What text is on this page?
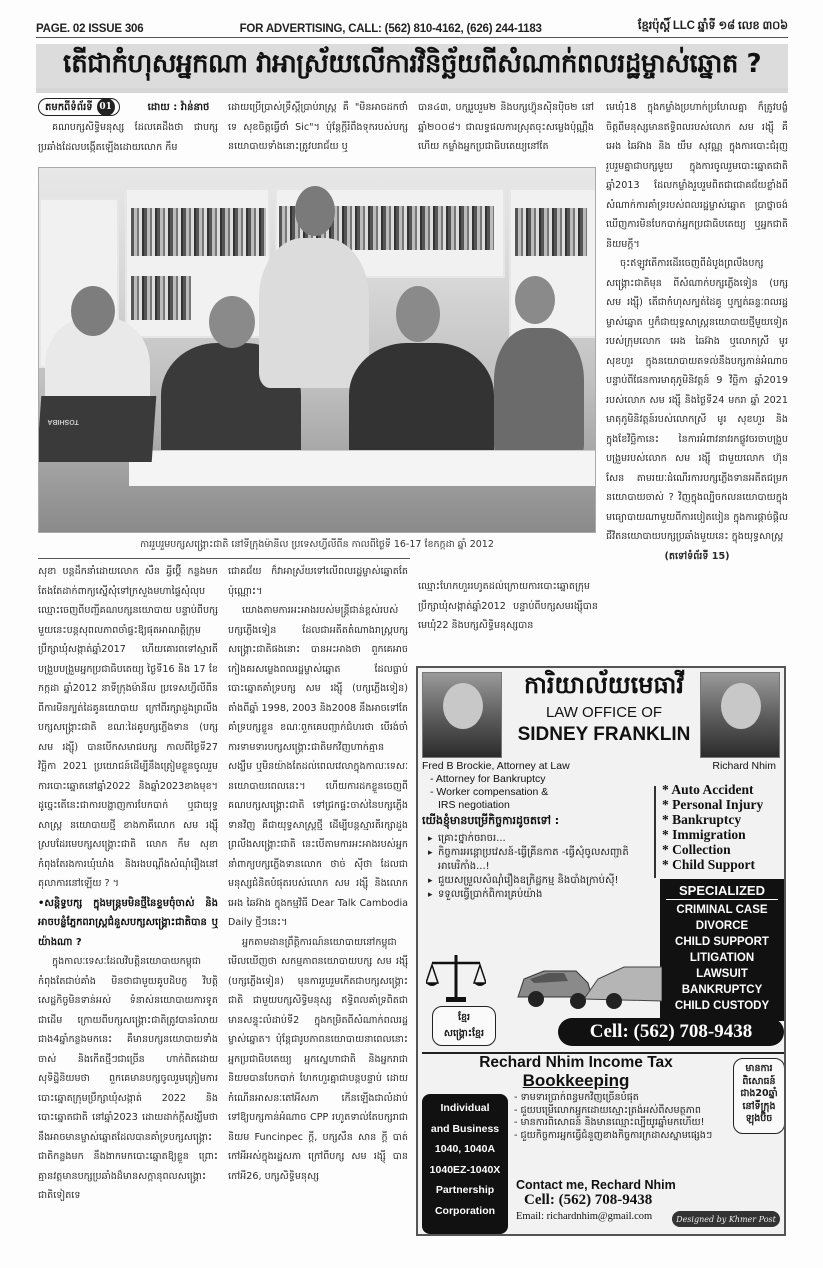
PAGE. 02 ISSUE 306	FOR ADVERTISING, CALL: (562) 810-4162, (626) 244-1183	ខ្មែរប៉ុស្តិ៍ LLC ឆ្នាំទី ១៨ លេខ ៣០៦
តើជាកំហុសអ្នកណា វាអាស្រ័យលើការវិនិច្ឆ័យពីសំណាក់ពលរដ្ឋម្ចាស់ឆ្នោត ?
តមកពីទំព័រទី 01	ដោយ : វ៉ាន់នាថ

គណបក្សសិទ្ធិមនុស្ស ដែលគេដឹងថា ជាបក្សប្រឆាំងដែលបង្កើតឡើងដោយលោក កឹម

ដោយប្រើប្រាស់ទ្រឹស្តីប្រាប់រាស្ត្រ គឺ "មិនអាចដកថាំទេ សុខចិត្តធ្វើថាំ Sic"។ ប៉ុន្តែក្តីរំពឹងទុករបស់បក្សនយោបាយទាំងនោះត្រូវបរាជ័យ ឬ

បាន៤៣, បក្សរួបរួម២ និងបក្សហ៊្វុនស៊ិនប៉ិច២ នៅឆ្នាំ២០០៨។ ជាលទ្ធផលការស្រុតចុះសម្លេងប៉ុណ្ណឹងហើយ កម្លាំងអ្នកប្រជាធិបតេយ្យនៅតែ

មេឃុំ18 ក្នុងកម្លាំងប្រហាក់ប្រហែលគ្នា ក៏ត្រូវបង្ខំចិត្តពីមនុស្សមានឥទ្ធិពលរបស់លោក សម រង្ស៊ី គឺ អេង ឆៃអ៊ាង និង យឹម សុវណ្ណ ក្នុងការបោះជំរុញរួបរួមគ្នាជាបក្សមួយ ក្នុងការចូលរួមបោះឆ្នោតជាតិឆ្នាំ2013 ដែលកម្លាំងរួបរួមពិតជាជោគជ័យខ្លាំងពីសំណាក់ការគាំទ្ររបស់ពលរដ្ឋម្ចាស់ឆ្នោត ប្រាថ្នាចង់ឃើញការមិនបែកបាក់អ្នកប្រជាធិបតេយ្យ ឬអ្នកជាតិនិយមក្តី។

ចុះឥឡូវតើការដើរចេញពីដំបូងព្រលឹងបក្សសង្គ្រោះជាតិមុន ពីសំណាក់បក្សភ្លើងទៀន (បក្ស សម រង្ស៊ី) តើជាកំហុសក្បត់ដៃគូ ឬក្បត់ឆន្ទៈពលរដ្ឋម្ចាស់ឆ្នោត ឬក៏ជាយុទ្ធសាស្ត្រនយោបាយថ្មីមួយទៀតរបស់ក្រុមលោក អេង ឆៃអ៊ាង ឬលោកស្រី មូរ សុខហួរ ក្នុងនយោបាយតទល់នឹងបក្សកាន់អំណាច បន្ទាប់ពីផែនការមាតុភូមិនិវត្តន៍ 9 វិច្ឆិកា ឆ្នាំ2019 របស់លោក សម រង្ស៊ី និងថ្ងៃទី24 មករា ឆ្នាំ 2021 មាតុភូមិនិវត្តន៍របស់លោកស្រី មូរ សុខហួរ និងក្នុងខែវិច្ឆិកានេះ នៃការអំពាវនាវរកផ្លូវចរចាបង្រួបបង្រួមរបស់លោក សម រង្ស៊ី ជាមួយលោក ហ៊ុន សែន តាមរយៈដំណើរការបក្សភ្លើងទានអតីតជម្រកនយោបាយចាស់ ? វិញក្នុងល្បិចកលនយោបាយក្នុងមធ្យោបាយណាមួយពីការបៀតបៀន ក្នុងការផ្តាច់ផ្តិលជីវិតនយោបាយបក្សប្រឆាំងមួយនេះ ក្នុងយុទ្ធសាស្ត្រ

(តទៅទំព័រទី 15)

TOSHIBA
ការរួបរួមបក្សសង្គ្រោះជាតិ នៅទីក្រុងម៉ានីល ប្រទេសហ្វីលីពីន កាលពីថ្ងៃទី 16-17 ខែកក្កដា ឆ្នាំ 2012

សុខា បន្តដឹកនាំដោយលោក សឺន ឆ្វីប៊ើ្គ កន្លងមកតែងតែដាក់ពាក្យស្នើសុំទៅក្រសួងមហាផ្ទៃសុំលុបឈ្មោះចេញពីបញ្ជីគណបក្សនយោបាយ បន្ទាប់ពីបក្សមួយនេះបន្តសុពលភាពចាំផ្ទះឱ្យផុតអាណត្តិក្រុមប្រឹក្សាឃុំសង្កាត់ឆ្នាំ2017 ហើយគោរពទៅស្មារតីបង្រួបបង្រួមអ្នកប្រជាធិបតេយ្យ ថ្ងៃទី16 និង 17 ខែកក្កដា ឆ្នាំ2012 នាទីក្រុងម៉ានីល ប្រទេសហ្វីលីពីន ពីការមិនក្បត់ដៃគូនយោបាយ ក្រៅពីរក្សាដួងព្រលឹងបក្សសង្គ្រោះជាតិ ខណៈដៃគូបក្សភ្លើងទាន (បក្ស សម រង្ស៊ី) បានបើកសមាជបក្ស កាលពីថ្ងៃទី27 វិច្ឆិកា 2021 ប្រយោជន៍ដើម្បីនឹងត្រៀមខ្លួនចូលរួមការបោះឆ្នោតនៅឆ្នាំ2022 និងឆ្នាំ2023ខាងមុខ។ ដូច្នេះតើនេះជាការបង្ហាញការបែកបាក់ ឬជាយុទ្ធសាស្ត្រ នយោបាយថ្មី ខាងភាគីលោក សម រង្ស៊ី ស្របដែរមេបក្សសង្គ្រោះជាតិ លោក កឹម សុខា កំពុងតែរងការឃុំឃាំង និងរងបណ្តឹងសំណុំរឿងនៅតុលាការនៅឡើយ ? ។

•សន្តិទ្ធបក្ស ក្នុងមន្ត្រមមិនថ្មីនៃខ្ទមចុំចាស់ និងអាចបន្លំភ្នែកពរាស្ត្រជំនួសបក្សសង្គ្រោះជាតិបាន ឬយ៉ាងណា ?

ក្នុងកាលៈទេសៈដែលវិបត្តិនយោបាយកម្ពុជាកំពុងតែជាប់គាំង មិនថាជាមួយគូបដិបក្ខ វិបត្តិសេដ្ឋកិច្ចមិនទាន់អស់ ទំនាស់នយោបាយការទូតជាដើម ក្រោយពីបក្សសង្គ្រោះជាតិត្រូវបានរំលាយជាង4ឆ្នាំកន្លងមកនេះ គឺមានបក្សនយោបាយទាំងចាស់ និងកើតថ្មីៗជាច្រើន ហាក់ពិតដោយសុទិដ្ឋិនិយមថា ពួកគេមានបក្សចូលរួមត្រៀមការ បោះឆ្នោតក្រុមប្រឹក្សាឃុំសង្កាត់ 2022 និងបោះឆ្នោតជាតិ នៅឆ្នាំ2023 ដោយដាក់ក្តីសង្ឃឹមថា នឹងអាចមានម្ចាស់ឆ្នោតដែលបានគាំទ្របក្សសង្គ្រោះជាតិកន្លងមក នឹងងាកមកបោះឆ្នោតឱ្យខ្លួន ព្រោះគ្មានវត្តមានបក្សប្រឆាំងដ៏មានសក្តានុពលសង្គ្រោះជាតិទៀតទេ

ជោគជ័យ ក៏វាអាស្រ័យទៅលើពលរដ្ឋម្ចាស់ឆ្នោតតែប៉ុណ្ណោះ។

យោងតាមការអះអាងរបស់មន្ត្រីជាន់ខ្ពស់របស់បក្សភ្លើងទៀន ដែលជាអតីតតំណាងរាស្ត្របក្សសង្គ្រោះជាតិផងនោះ បានអះអាងថា ពួកគេអាចកៀងគរសម្លេងពលរដ្ឋម្ចាស់ឆ្នោត ដែលធ្លាប់បោះឆ្នោតគាំទ្របក្ស សម រង្ស៊ី (បក្សភ្លើងទៀន) តាំងពីឆ្នាំ 1998, 2003 និង2008 នឹងអាចទៅតែគាំទ្របក្សខ្លួន ខណៈពួកគេបញ្ជាក់ជំហរថា បើរង់ចាំការទាមទារបក្សសង្គ្រោះជាតិមកវិញហាក់គ្មានសង្ឃឹម ឬមិនយ៉ាងតែដល់ពេលវេលាក្នុងកាលៈទេសៈនយោបាយពេលនេះ។ ហើយការដកខ្លួនចេញពីគណបក្សសង្គ្រោះជាតិ ទៅជ្រកផ្ទះចាស់នៃបក្សភ្លើងទានវិញ គឺជាយុទ្ធសាស្ត្រថ្មី ដើម្បីបន្តស្មារតីរក្សាដួងព្រលឹងសង្គ្រោះជាតិ នេះបើតាមការអះអាងរបស់អ្នកនាំពាក្យបក្សភ្លើងទានលោក ថាច់ ស៊ីថា ដែលជាមនុស្សជំនិតបំផុតរបស់លោក សម រង្ស៊ី និងលោក អេង ឆៃអ៊ាង ក្នុងកម្មវិធី Dear Talk Cambodia Daily ថ្មីៗនេះ។

អ្នកតាមដានព្រឹត្តិការណ៍នយោបាយនៅកម្ពុជា មើលឃើញថា សកម្មភាពនយោបាយបក្ស សម រង្ស៊ី (បក្សភ្លើងទៀន) មុនការរួបរួមកើតជាបក្សសង្គ្រោះជាតិ ជាមួយបក្សសិទ្ធិមនុស្ស ឥទ្ធិពលគាំទ្រពិតជាមានសន្ទុះលំដាប់ទី2 ក្នុងកម្រិតពីសំណាក់ពលរដ្ឋម្ចាស់ឆ្នោត។ ប៉ុន្តែជារូបភាពនយោបាយនាពេលនោះ អ្នកប្រជាធិបតេយ្យ អ្នកស្នេហាជាតិ និងអ្នករាជានិយមបានបែកបាក់ ហែកហួរគ្នាជាបន្តបន្ទាប់ ដោយកំណើនអាសនៈតៅអីសភា កើនឡើងជាលំដាប់ទៅឱ្យបក្សកាន់អំណាច CPP រហូតទាល់តែបក្សរាជានិយម Funcinpec ក្តី, បក្សសឺន សាន ក្តី បាត់កៅអីអស់ក្នុងរដ្ឋសភា ក្រៅពីបក្ស សម រង្ស៊ី បានកៅអី26, បក្សសិទ្ធិមនុស្ស

ឈ្មោះហែកហួររហូតដល់ក្រោយការបោះឆ្នោតក្រុមប្រឹក្សាឃុំសង្កាត់ឆ្នាំ2012 បន្ទាប់ពីបក្សសមរង្ស៊ីបានមេឃុំ22 និងបក្សសិទ្ធិមនុស្សបាន

ការិយាល័យមេធាវី
LAW OFFICE OF
SIDNEY FRANKLIN
Fred B Brockie, Attorney at Law
- Attorney for Bankruptcy
- Worker compensation &
IRS negotiation
Richard Nhim
* Auto Accident
* Personal Injury
* Bankruptcy
* Immigration
* Collection
* Child Support
យើងខ្ញុំមានបម្រើកិច្ចការដូចតទៅ :
▸ គ្រោះថ្នាក់ចរាចរ...
▸ កិច្ចការអន្តោប្រវេសន៍-ធ្វើគ្រីនកាត -ធ្វើសុំចូលសញ្ជាតិអាមេរិកាំង...!
▸ ជួយសម្រួលសំណុំរឿងឧក្រិដ្ឋកម្ម និងបាំងក្រាប់ស៊ី!
▸ ទទួលធ្វើប្រាក់ពិការគ្រប់យ៉ាង	SPECIALIZED
CRIMINAL CASE
DIVORCE
CHILD SUPPORT
LITIGATION
LAWSUIT
BANKRUPTCY
CHILD CUSTODY
ខ្មែរ
សង្គ្រោះខ្មែរ	Cell: (562) 708-9438
Rechard Nhim Income Tax
Bookkeeping
មានការ
ពិសោធន៍
ជាង20ឆ្នាំ
នៅទីក្រុង
ឡុងប៊ិច
Individual
and Business
1040, 1040A
1040EZ-1040X
Partnership
Corporation
- ទាមទារប្រាក់ពន្ធមកវិញច្រើនបំផុត
- ជួយបម្រើលោកអ្នកដោយស្មោះត្រង់អស់ពីសមត្ថភាព
- មានការពិសោធន៍ និងមានឈ្មោះល្បីយូរឆ្នាំមកហើយ!
- ជួយកិច្ចការអ្នកធ្វើជំនួញខាងកិច្ចការក្រដាសស្នាមផ្សេងៗ
Contact me, Rechard Nhim
Cell: (562) 708-9438
Email: richardnhim@gmail.com	Designed by Khmer Post
